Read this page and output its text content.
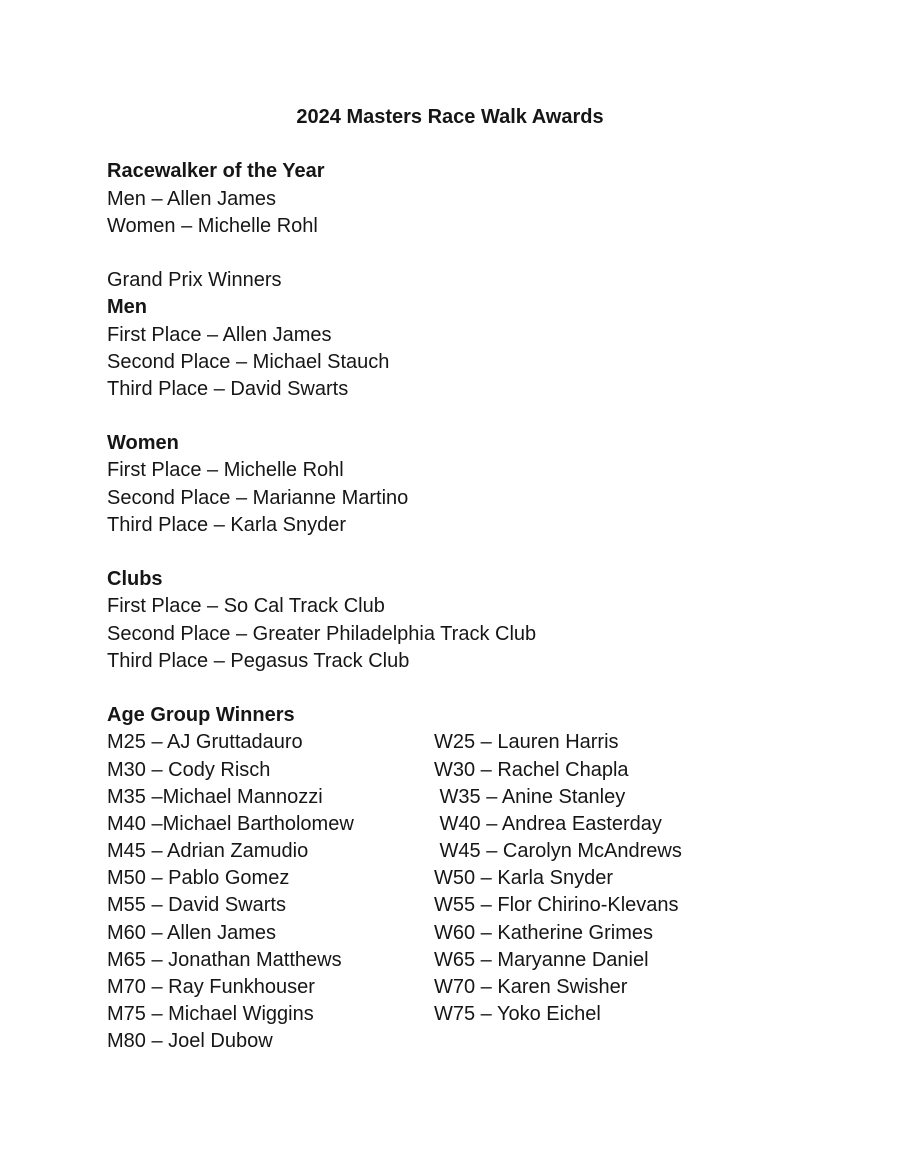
2024 Masters Race Walk Awards

Racewalker of the Year
Men – Allen James
Women – Michelle Rohl

Grand Prix Winners
Men
First Place – Allen James
Second Place – Michael Stauch
Third Place – David Swarts

Women
First Place – Michelle Rohl
Second Place – Marianne Martino
Third Place – Karla Snyder

Clubs
First Place – So Cal Track Club
Second Place – Greater Philadelphia Track Club
Third Place – Pegasus Track Club

Age Group Winners
M25 – AJ Gruttadauro	W25 – Lauren Harris
M30 – Cody Risch	W30 – Rachel Chapla
M35 –Michael Mannozzi	W35 – Anine Stanley
M40 –Michael Bartholomew	W40 – Andrea Easterday
M45 – Adrian Zamudio	W45 – Carolyn McAndrews
M50 – Pablo Gomez	W50 – Karla Snyder
M55 – David Swarts	W55 – Flor Chirino-Klevans
M60 – Allen James	W60 – Katherine Grimes
M65 – Jonathan Matthews	W65 – Maryanne Daniel
M70 – Ray Funkhouser	W70 – Karen Swisher
M75 – Michael Wiggins	W75 – Yoko Eichel
M80 – Joel Dubow
